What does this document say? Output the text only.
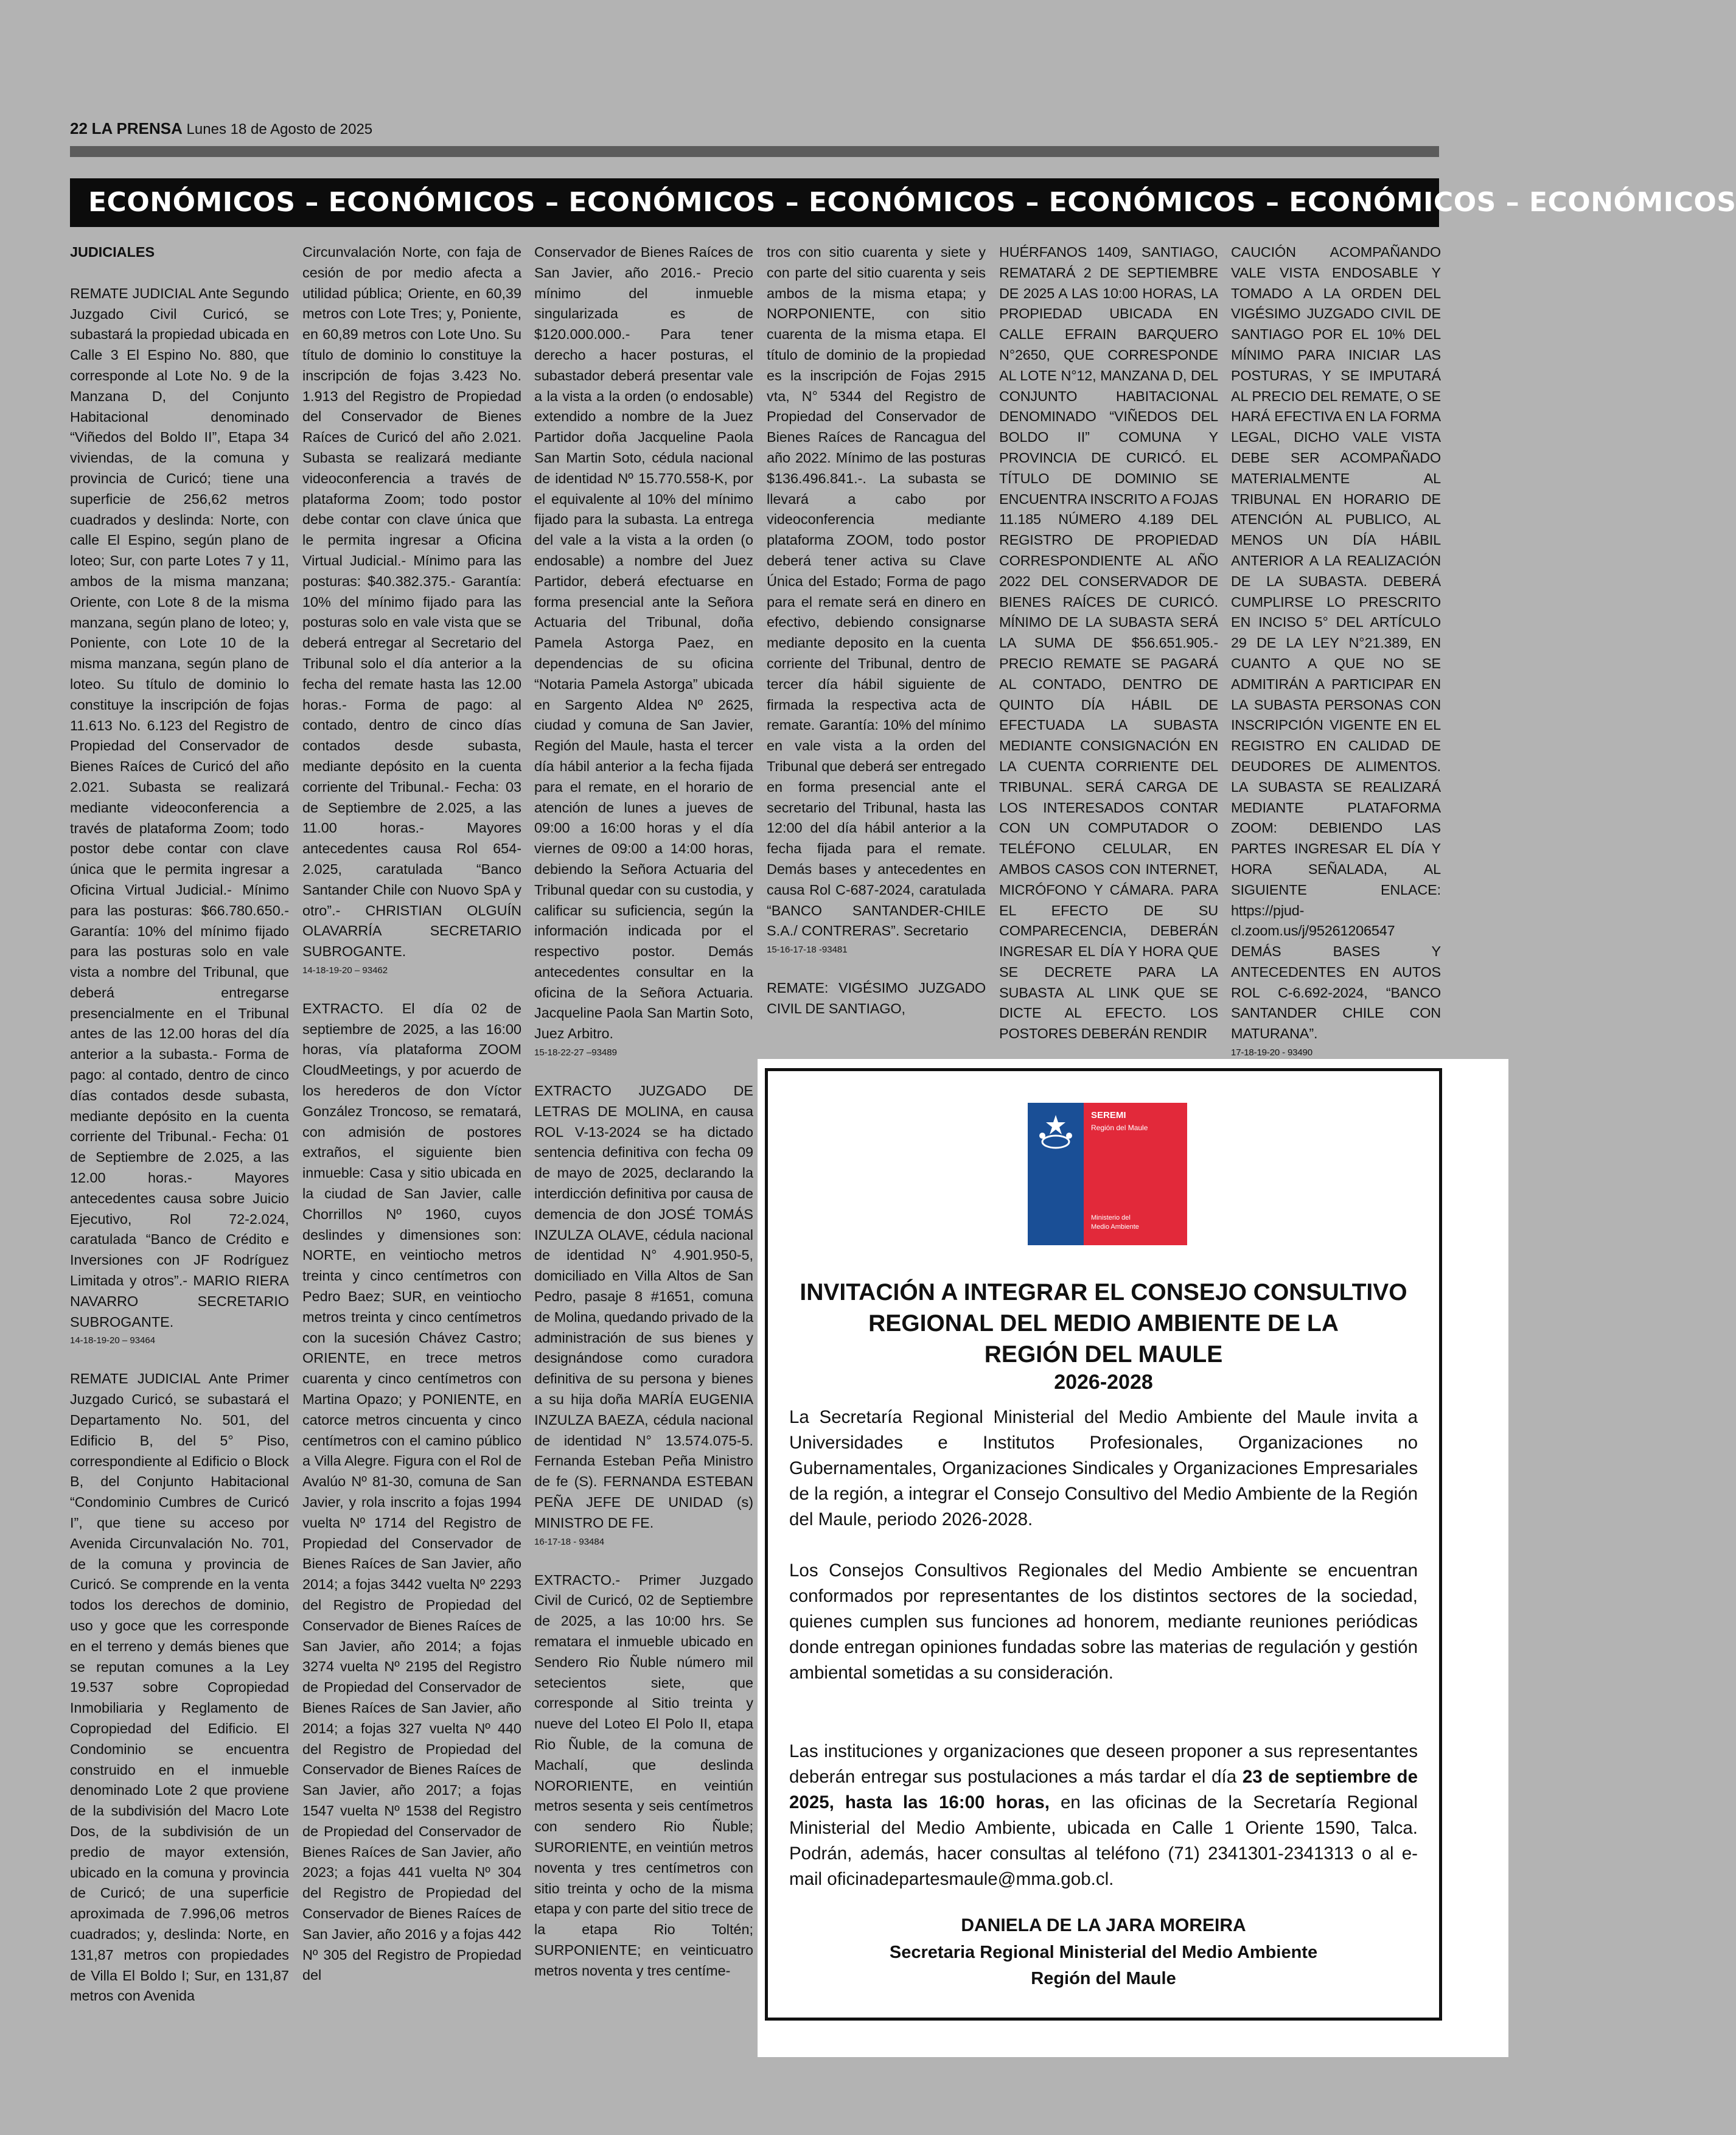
22 LA PRENSA Lunes 18 de Agosto de 2025
ECONÓMICOS – ECONÓMICOS – ECONÓMICOS – ECONÓMICOS – ECONÓMICOS – ECONÓMICOS – ECONÓMICOS
JUDICIALES
REMATE JUDICIAL Ante Segundo Juzgado Civil Curicó, se subastará la propiedad ubicada en Calle 3 El Espino No. 880, que corresponde al Lote No. 9 de la Manzana D, del Conjunto Habitacional denominado “Viñedos del Boldo II”, Etapa 34 viviendas, de la comuna y provincia de Curicó; tiene una superficie de 256,62 metros cuadrados y deslinda: Norte, con calle El Espino, según plano de loteo; Sur, con parte Lotes 7 y 11, ambos de la misma manzana; Oriente, con Lote 8 de la misma manzana, según plano de loteo; y, Poniente, con Lote 10 de la misma manzana, según plano de loteo. Su título de dominio lo constituye la inscripción de fojas 11.613 No. 6.123 del Registro de Propiedad del Conservador de Bienes Raíces de Curicó del año 2.021. Subasta se realizará mediante videoconferencia a través de plataforma Zoom; todo postor debe contar con clave única que le permita ingresar a Oficina Virtual Judicial.- Mínimo para las posturas: $66.780.650.- Garantía: 10% del mínimo fijado para las posturas solo en vale vista a nombre del Tribunal, que deberá entregarse presencialmente en el Tribunal antes de las 12.00 horas del día anterior a la subasta.- Forma de pago: al contado, dentro de cinco días contados desde subasta, mediante depósito en la cuenta corriente del Tribunal.- Fecha: 01 de Septiembre de 2.025, a las 12.00 horas.- Mayores antecedentes causa sobre Juicio Ejecutivo, Rol 72-2.024, caratulada “Banco de Crédito e Inversiones con JF Rodríguez Limitada y otros”.- MARIO RIERA NAVARRO SECRETARIO SUBROGANTE.
14-18-19-20 – 93464
REMATE JUDICIAL Ante Primer Juzgado Curicó, se subastará el Departamento No. 501, del Edificio B, del 5° Piso, correspondiente al Edificio o Block B, del Conjunto Habitacional “Condominio Cumbres de Curicó I”, que tiene su acceso por Avenida Circunvalación No. 701, de la comuna y provincia de Curicó. Se comprende en la venta todos los derechos de dominio, uso y goce que les corresponde en el terreno y demás bienes que se reputan comunes a la Ley 19.537 sobre Copropiedad Inmobiliaria y Reglamento de Copropiedad del Edificio. El Condominio se encuentra construido en el inmueble denominado Lote 2 que proviene de la subdivisión del Macro Lote Dos, de la subdivisión de un predio de mayor extensión, ubicado en la comuna y provincia de Curicó; de una superficie aproximada de 7.996,06 metros cuadrados; y, deslinda: Norte, en 131,87 metros con propiedades de Villa El Boldo I; Sur, en 131,87 metros con Avenida
Circunvalación Norte, con faja de cesión de por medio afecta a utilidad pública; Oriente, en 60,39 metros con Lote Tres; y, Poniente, en 60,89 metros con Lote Uno. Su título de dominio lo constituye la inscripción de fojas 3.423 No. 1.913 del Registro de Propiedad del Conservador de Bienes Raíces de Curicó del año 2.021. Subasta se realizará mediante videoconferencia a través de plataforma Zoom; todo postor debe contar con clave única que le permita ingresar a Oficina Virtual Judicial.- Mínimo para las posturas: $40.382.375.- Garantía: 10% del mínimo fijado para las posturas solo en vale vista que se deberá entregar al Secretario del Tribunal solo el día anterior a la fecha del remate hasta las 12.00 horas.- Forma de pago: al contado, dentro de cinco días contados desde subasta, mediante depósito en la cuenta corriente del Tribunal.- Fecha: 03 de Septiembre de 2.025, a las 11.00 horas.- Mayores antecedentes causa Rol 654-2.025, caratulada “Banco Santander Chile con Nuovo SpA y otro”.- CHRISTIAN OLGUÍN OLAVARRÍA SECRETARIO SUBROGANTE.
14-18-19-20 – 93462
EXTRACTO. El día 02 de septiembre de 2025, a las 16:00 horas, vía plataforma ZOOM CloudMeetings, y por acuerdo de los herederos de don Víctor González Troncoso, se rematará, con admisión de postores extraños, el siguiente bien inmueble: Casa y sitio ubicada en la ciudad de San Javier, calle Chorrillos Nº 1960, cuyos deslindes y dimensiones son: NORTE, en veintiocho metros treinta y cinco centímetros con Pedro Baez; SUR, en veintiocho metros treinta y cinco centímetros con la sucesión Chávez Castro; ORIENTE, en trece metros cuarenta y cinco centímetros con Martina Opazo; y PONIENTE, en catorce metros cincuenta y cinco centímetros con el camino público a Villa Alegre. Figura con el Rol de Avalúo Nº 81-30, comuna de San Javier, y rola inscrito a fojas 1994 vuelta Nº 1714 del Registro de Propiedad del Conservador de Bienes Raíces de San Javier, año 2014; a fojas 3442 vuelta Nº 2293 del Registro de Propiedad del Conservador de Bienes Raíces de San Javier, año 2014; a fojas 3274 vuelta Nº 2195 del Registro de Propiedad del Conservador de Bienes Raíces de San Javier, año 2014; a fojas 327 vuelta Nº 440 del Registro de Propiedad del Conservador de Bienes Raíces de San Javier, año 2017; a fojas 1547 vuelta Nº 1538 del Registro de Propiedad del Conservador de Bienes Raíces de San Javier, año 2023; a fojas 441 vuelta Nº 304 del Registro de Propiedad del Conservador de Bienes Raíces de San Javier, año 2016 y a fojas 442 Nº 305 del Registro de Propiedad del
Conservador de Bienes Raíces de San Javier, año 2016.- Precio mínimo del inmueble singularizada es de $120.000.000.- Para tener derecho a hacer posturas, el subastador deberá presentar vale a la vista a la orden (o endosable) extendido a nombre de la Juez Partidor doña Jacqueline Paola San Martin Soto, cédula nacional de identidad Nº 15.770.558-K, por el equivalente al 10% del mínimo fijado para la subasta. La entrega del vale a la vista a la orden (o endosable) a nombre del Juez Partidor, deberá efectuarse en forma presencial ante la Señora Actuaria del Tribunal, doña Pamela Astorga Paez, en dependencias de su oficina “Notaria Pamela Astorga” ubicada en Sargento Aldea Nº 2625, ciudad y comuna de San Javier, Región del Maule, hasta el tercer día hábil anterior a la fecha fijada para el remate, en el horario de atención de lunes a jueves de 09:00 a 16:00 horas y el día viernes de 09:00 a 14:00 horas, debiendo la Señora Actuaria del Tribunal quedar con su custodia, y calificar su suficiencia, según la información indicada por el respectivo postor. Demás antecedentes consultar en la oficina de la Señora Actuaria. Jacqueline Paola San Martin Soto, Juez Arbitro.
15-18-22-27 –93489
EXTRACTO JUZGADO DE LETRAS DE MOLINA, en causa ROL V-13-2024 se ha dictado sentencia definitiva con fecha 09 de mayo de 2025, declarando la interdicción definitiva por causa de demencia de don JOSÉ TOMÁS INZULZA OLAVE, cédula nacional de identidad N° 4.901.950-5, domiciliado en Villa Altos de San Pedro, pasaje 8 #1651, comuna de Molina, quedando privado de la administración de sus bienes y designándose como curadora definitiva de su persona y bienes a su hija doña MARÍA EUGENIA INZULZA BAEZA, cédula nacional de identidad N° 13.574.075-5. Fernanda Esteban Peña Ministro de fe (S). FERNANDA ESTEBAN PEÑA JEFE DE UNIDAD (s) MINISTRO DE FE.
16-17-18 - 93484
EXTRACTO.- Primer Juzgado Civil de Curicó, 02 de Septiembre de 2025, a las 10:00 hrs. Se rematara el inmueble ubicado en Sendero Rio Ñuble número mil setecientos siete, que corresponde al Sitio treinta y nueve del Loteo El Polo II, etapa Rio Ñuble, de la comuna de Machalí, que deslinda NORORIENTE, en veintiún metros sesenta y seis centímetros con sendero Rio Ñuble; SURORIENTE, en veintiún metros noventa y tres centímetros con sitio treinta y ocho de la misma etapa y con parte del sitio trece de la etapa Rio Toltén; SURPONIENTE; en veinticuatro metros noventa y tres centíme-
tros con sitio cuarenta y siete y con parte del sitio cuarenta y seis ambos de la misma etapa; y NORPONIENTE, con sitio cuarenta de la misma etapa. El título de dominio de la propiedad es la inscripción de Fojas 2915 vta, N° 5344 del Registro de Propiedad del Conservador de Bienes Raíces de Rancagua del año 2022. Mínimo de las posturas $136.496.841.-. La subasta se llevará a cabo por videoconferencia mediante plataforma ZOOM, todo postor deberá tener activa su Clave Única del Estado; Forma de pago para el remate será en dinero en efectivo, debiendo consignarse mediante deposito en la cuenta corriente del Tribunal, dentro de tercer día hábil siguiente de firmada la respectiva acta de remate. Garantía: 10% del mínimo en vale vista a la orden del Tribunal que deberá ser entregado en forma presencial ante el secretario del Tribunal, hasta las 12:00 del día hábil anterior a la fecha fijada para el remate. Demás bases y antecedentes en causa Rol C-687-2024, caratulada “BANCO SANTANDER-CHILE S.A./ CONTRERAS”. Secretario
15-16-17-18 -93481
REMATE: VIGÉSIMO JUZGADO CIVIL DE SANTIAGO,
HUÉRFANOS 1409, SANTIAGO, REMATARÁ 2 DE SEPTIEMBRE DE 2025 A LAS 10:00 HORAS, LA PROPIEDAD UBICADA EN CALLE EFRAIN BARQUERO N°2650, QUE CORRESPONDE AL LOTE N°12, MANZANA D, DEL CONJUNTO HABITACIONAL DENOMINADO “VIÑEDOS DEL BOLDO II” COMUNA Y PROVINCIA DE CURICÓ. EL TÍTULO DE DOMINIO SE ENCUENTRA INSCRITO A FOJAS 11.185 NÚMERO 4.189 DEL REGISTRO DE PROPIEDAD CORRESPONDIENTE AL AÑO 2022 DEL CONSERVADOR DE BIENES RAÍCES DE CURICÓ. MÍNIMO DE LA SUBASTA SERÁ LA SUMA DE $56.651.905.- PRECIO REMATE SE PAGARÁ AL CONTADO, DENTRO DE QUINTO DÍA HÁBIL DE EFECTUADA LA SUBASTA MEDIANTE CONSIGNACIÓN EN LA CUENTA CORRIENTE DEL TRIBUNAL. SERÁ CARGA DE LOS INTERESADOS CONTAR CON UN COMPUTADOR O TELÉFONO CELULAR, EN AMBOS CASOS CON INTERNET, MICRÓFONO Y CÁMARA. PARA EL EFECTO DE SU COMPARECENCIA, DEBERÁN INGRESAR EL DÍA Y HORA QUE SE DECRETE PARA LA SUBASTA AL LINK QUE SE DICTE AL EFECTO. LOS POSTORES DEBERÁN RENDIR
CAUCIÓN ACOMPAÑANDO VALE VISTA ENDOSABLE Y TOMADO A LA ORDEN DEL VIGÉSIMO JUZGADO CIVIL DE SANTIAGO POR EL 10% DEL MÍNIMO PARA INICIAR LAS POSTURAS, Y SE IMPUTARÁ AL PRECIO DEL REMATE, O SE HARÁ EFECTIVA EN LA FORMA LEGAL, DICHO VALE VISTA DEBE SER ACOMPAÑADO MATERIALMENTE AL TRIBUNAL EN HORARIO DE ATENCIÓN AL PUBLICO, AL MENOS UN DÍA HÁBIL ANTERIOR A LA REALIZACIÓN DE LA SUBASTA. DEBERÁ CUMPLIRSE LO PRESCRITO EN INCISO 5° DEL ARTÍCULO 29 DE LA LEY N°21.389, EN CUANTO A QUE NO SE ADMITIRÁN A PARTICIPAR EN LA SUBASTA PERSONAS CON INSCRIPCIÓN VIGENTE EN EL REGISTRO EN CALIDAD DE DEUDORES DE ALIMENTOS. LA SUBASTA SE REALIZARÁ MEDIANTE PLATAFORMA ZOOM: DEBIENDO LAS PARTES INGRESAR EL DÍA Y HORA SEÑALADA, AL SIGUIENTE ENLACE: https://pjud-cl.zoom.us/j/95261206547 DEMÁS BASES Y ANTECEDENTES EN AUTOS ROL C-6.692-2024, “BANCO SANTANDER CHILE CON MATURANA”.
17-18-19-20 - 93490
SEREMI
Región del Maule
Ministerio del
Medio Ambiente
INVITACIÓN A INTEGRAR EL CONSEJO CONSULTIVO
REGIONAL DEL MEDIO AMBIENTE DE LA
REGIÓN DEL MAULE
2026-2028
La Secretaría Regional Ministerial del Medio Ambiente del Maule invita a Universidades e Institutos Profesionales, Organizaciones no Gubernamentales, Organizaciones Sindicales y Organizaciones Empresariales de la región, a integrar el Consejo Consultivo del Medio Ambiente de la Región del Maule, periodo 2026-2028.
Los Consejos Consultivos Regionales del Medio Ambiente se encuentran conformados por representantes de los distintos sectores de la sociedad, quienes cumplen sus funciones ad honorem, mediante reuniones periódicas donde entregan opiniones fundadas sobre las materias de regulación y gestión ambiental sometidas a su consideración.
Las instituciones y organizaciones que deseen proponer a sus representantes deberán entregar sus postulaciones a más tardar el día 23 de septiembre de 2025, hasta las 16:00 horas, en las oficinas de la Secretaría Regional Ministerial del Medio Ambiente, ubicada en Calle 1 Oriente 1590, Talca. Podrán, además, hacer consultas al teléfono (71) 2341301-2341313 o al e-mail oficinadepartesmaule@mma.gob.cl.
DANIELA DE LA JARA MOREIRA
Secretaria Regional Ministerial del Medio Ambiente
Región del Maule
